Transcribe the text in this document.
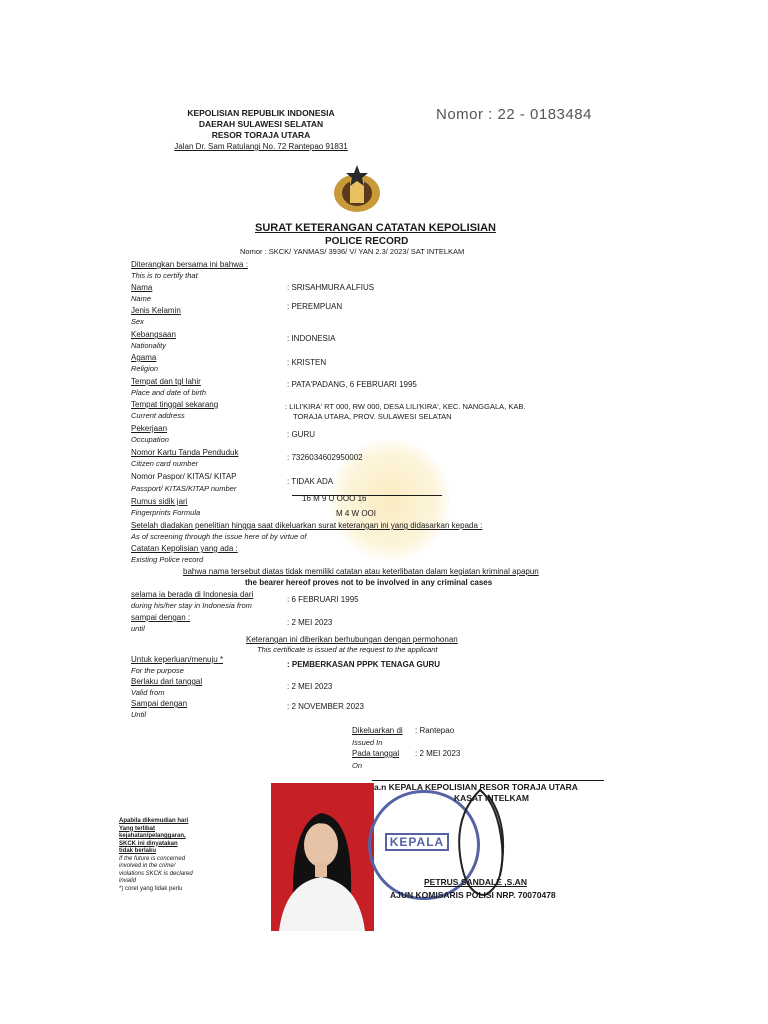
KEPOLISIAN REPUBLIK INDONESIA
DAERAH SULAWESI SELATAN
RESOR TORAJA UTARA
Jalan Dr. Sam Ratulangi No. 72 Rantepao 91831
Nomor : 22 - 0183484
SURAT KETERANGAN CATATAN KEPOLISIAN
POLICE RECORD
Nomor : SKCK/ YANMAS/ 3936/ V/ YAN 2.3/ 2023/ SAT INTELKAM
Diterangkan bersama ini bahwa :
This is to certify that
Nama
Name
: SRISAHMURA ALFIUS
Jenis Kelamin
Sex
: PEREMPUAN
Kebangsaan
Nationality
: INDONESIA
Agama
Religion
: KRISTEN
Tempat dan tgl lahir
Place and date of birth
: PATA'PADANG, 6 FEBRUARI 1995
Tempat tinggal sekarang
Current address
: LILI'KIRA' RT 000, RW 000, DESA LILI'KIRA', KEC. NANGGALA, KAB.
TORAJA UTARA, PROV. SULAWESI SELATAN
Pekerjaan
Occupation
: GURU
Nomor Kartu Tanda Penduduk
Citizen card number
: 7326034602950002
Nomor Paspor/ KITAS/ KITAP
Passport/ KITAS/KITAP number
: TIDAK ADA
Rumus sidik jari
Fingerprints Formula
16 M 9 U OOO 16
M 4 W OOI
Setelah diadakan penelitian hingga saat dikeluarkan surat keterangan ini yang didasarkan kepada :
As of screening through the issue here of by virtue of
Catatan Kepolisian yang ada :
Existing Police record
bahwa nama tersebut diatas tidak memiliki catatan atau keterlibatan dalam kegiatan kriminal apapun
the bearer hereof proves not to be involved in any criminal cases
selama ia berada di Indonesia dari
during his/her stay in Indonesia from
: 6 FEBRUARI 1995
sampai dengan :
until
: 2 MEI 2023
Keterangan ini diberikan berhubungan dengan permohonan
This certificate is issued at the request to the applicant
Untuk keperluan/menuju *
For the purpose
: PEMBERKASAN PPPK TENAGA GURU
Berlaku dari tanggal
Valid from
: 2 MEI 2023
Sampai dengan
Until
: 2 NOVEMBER 2023
Dikeluarkan di : Rantepao
Issued In
Pada tanggal : 2 MEI 2023
On
KEPALA
a.n KEPALA KEPOLISIAN RESOR TORAJA UTARA
KASAT INTELKAM
PETRUS SANDALE ,S.AN
AJUN KOMISARIS POLISI NRP. 70070478
Apabila dikemudian hari
Yang terlibat
kejahatan/pelanggaran,
SKCK ini dinyatakan
tidak berlaku
If the future is concerned
involved in the crime/
violations SKCK is declared
invalid
*) coret yang tidak perlu
